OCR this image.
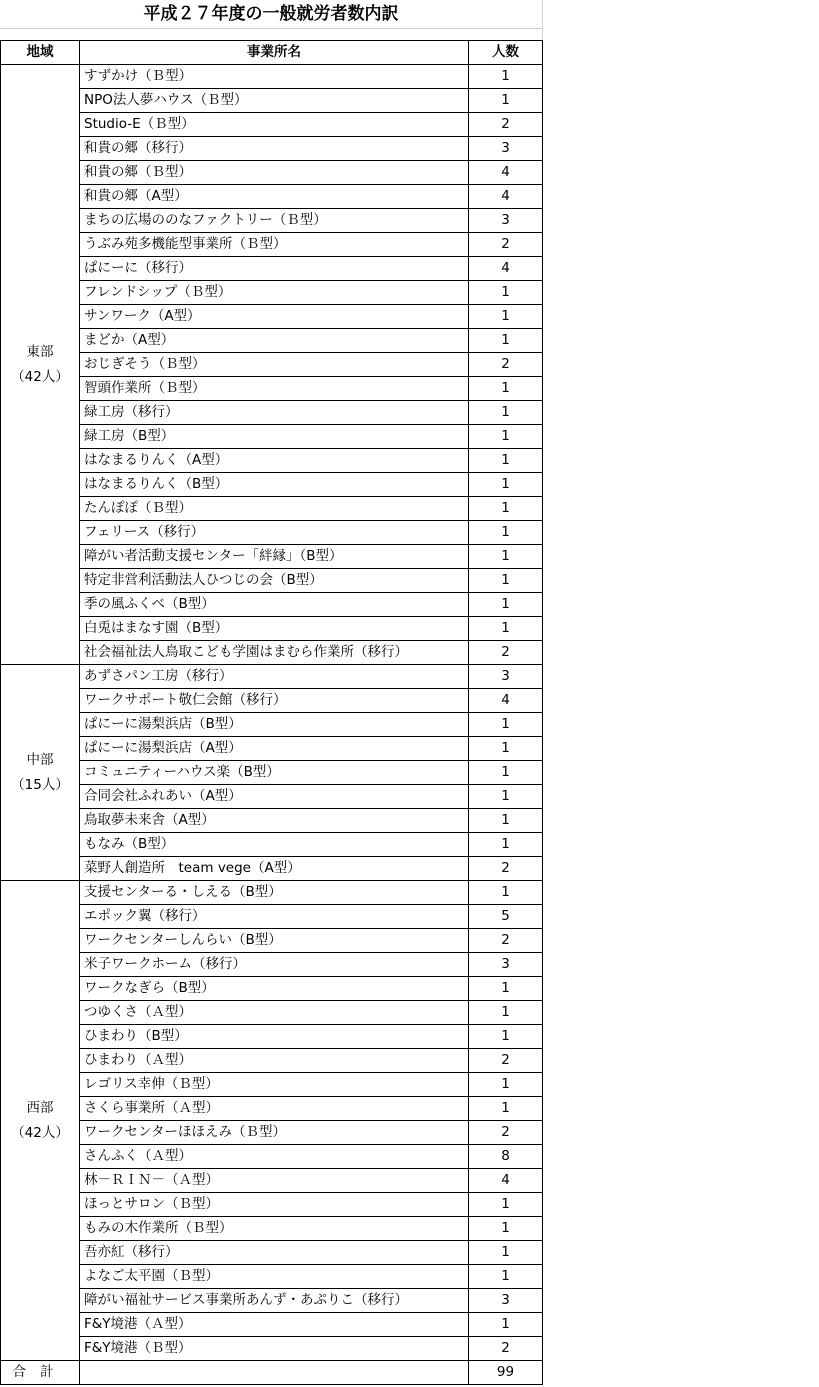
平成２７年度の一般就労者数内訳
地域	事業所名	人数

東部
（42人）	すずかけ（Ｂ型）	1
	NPO法人夢ハウス（Ｂ型）	1
	Studio-E（Ｂ型）	2
	和貴の郷（移行）	3
	和貴の郷（Ｂ型）	4
	和貴の郷（A型）	4
	まちの広場ののなファクトリー（Ｂ型）	3
	うぶみ苑多機能型事業所（Ｂ型）	2
	ぱにーに（移行）	4
	フレンドシップ（Ｂ型）	1
	サンワーク（A型）	1
	まどか（A型）	1
	おじぎそう（Ｂ型）	2
	智頭作業所（Ｂ型）	1
	緑工房（移行）	1
	緑工房（B型）	1
	はなまるりんく（A型）	1
	はなまるりんく（B型）	1
	たんぽぽ（Ｂ型）	1
	フェリース（移行）	1
	障がい者活動支援センター「絆縁」（B型）	1
	特定非営利活動法人ひつじの会（B型）	1
	季の風ふくべ（B型）	1
	白兎はまなす園（B型）	1
	社会福祉法人鳥取こども学園はまむら作業所（移行）	2

中部
（15人）	あずさパン工房（移行）	3
	ワークサポート敬仁会館（移行）	4
	ぱにーに湯梨浜店（B型）	1
	ぱにーに湯梨浜店（A型）	1
	コミュニティーハウス楽（B型）	1
	合同会社ふれあい（A型）	1
	鳥取夢未来舎（A型）	1
	もなみ（B型）	1
	菜野人創造所　team vege（A型）	2

西部
（42人）	支援センターる・しえる（B型）	1
	エポック翼（移行）	5
	ワークセンターしんらい（B型）	2
	米子ワークホーム（移行）	3
	ワークなぎら（B型）	1
	つゆくさ（Ａ型）	1
	ひまわり（B型）	1
	ひまわり（Ａ型）	2
	レゴリス幸伸（Ｂ型）	1
	さくら事業所（Ａ型）	1
	ワークセンターほほえみ（Ｂ型）	2
	さんふく（Ａ型）	8
	林－ＲＩＮ－（Ａ型）	4
	ほっとサロン（Ｂ型）	1
	もみの木作業所（Ｂ型）	1
	吾亦紅（移行）	1
	よなご太平園（Ｂ型）	1
	障がい福祉サービス事業所あんず・あぷりこ（移行）	3
	F&Y境港（Ａ型）	1
	F&Y境港（Ｂ型）	2
合計		99
